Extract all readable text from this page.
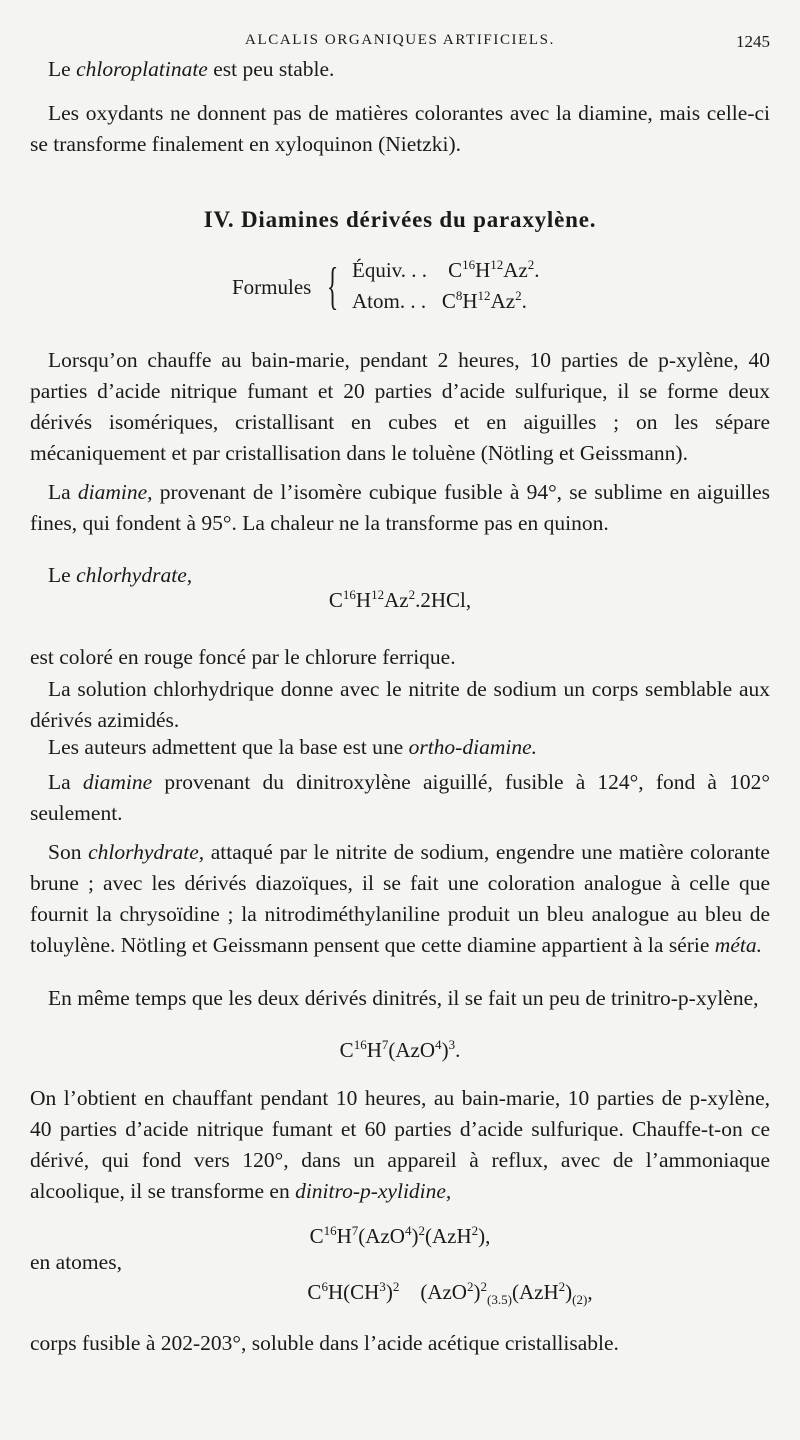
ALCALIS ORGANIQUES ARTIFICIELS.	1245

Le chloroplatinate est peu stable.

Les oxydants ne donnent pas de matières colorantes avec la diamine, mais celle-ci se transforme finalement en xyloquinon (Nietzki).

IV. Diamines dérivées du paraxylène.
Formules { Équiv. . . $C^{16}H^{12}Az^2$.
Atom. . . $C^8H^{12}Az^2$.

Lorsqu’on chauffe au bain-marie, pendant 2 heures, 10 parties de p-xylène, 40 parties d’acide nitrique fumant et 20 parties d’acide sulfurique, il se forme deux dérivés isomériques, cristallisant en cubes et en aiguilles ; on les sépare mécaniquement et par cristallisation dans le toluène (Nötling et Geissmann).

La diamine, provenant de l’isomère cubique fusible à 94°, se sublime en aiguilles fines, qui fondent à 95°. La chaleur ne la transforme pas en quinon.

Le chlorhydrate,

$C^{16}H^{12}Az^2.2HCl$,

est coloré en rouge foncé par le chlorure ferrique.

La solution chlorhydrique donne avec le nitrite de sodium un corps semblable aux dérivés azimidés.

Les auteurs admettent que la base est une ortho-diamine.

La diamine provenant du dinitroxylène aiguillé, fusible à 124°, fond à 102° seulement.

Son chlorhydrate, attaqué par le nitrite de sodium, engendre une matière colorante brune ; avec les dérivés diazoïques, il se fait une coloration analogue à celle que fournit la chrysoïdine ; la nitrodiméthylaniline produit un bleu analogue au bleu de toluylène. Nötling et Geissmann pensent que cette diamine appartient à la série méta.

En même temps que les deux dérivés dinitrés, il se fait un peu de trinitro-p-xylène,

$C^{16}H^7(AzO^4)^3$.

On l’obtient en chauffant pendant 10 heures, au bain-marie, 10 parties de p-xylène, 40 parties d’acide nitrique fumant et 60 parties d’acide sulfurique. Chauffe-t-on ce dérivé, qui fond vers 120°, dans un appareil à reflux, avec de l’ammoniaque alcoolique, il se transforme en dinitro-p-xylidine,

$C^{16}H^7(AzO^4)^2(AzH^2)$,

en atomes,

$C^6H(CH^3)^2$ $(AzO^2)^2_{(3.5)}(AzH^2)_{(2)}$,

corps fusible à 202-203°, soluble dans l’acide acétique cristallisable.
